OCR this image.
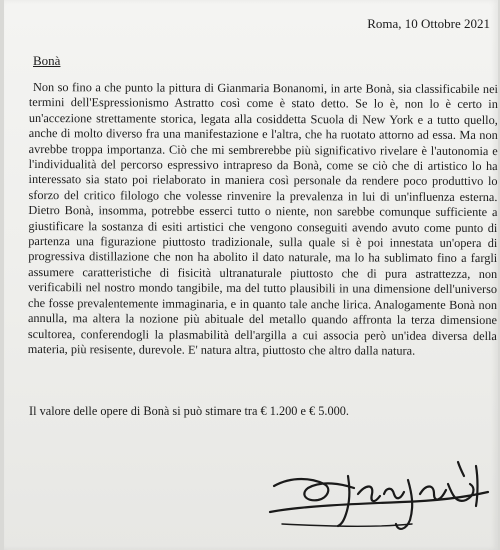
Roma, 10 Ottobre 2021
Bonà
Non so fino a che punto la pittura di Gianmaria Bonanomi, in arte Bonà, sia classificabile nei termini dell'Espressionismo Astratto così come è stato detto. Se lo è, non lo è certo in un'accezione strettamente storica, legata alla cosiddetta Scuola di New York e a tutto quello, anche di molto diverso fra una manifestazione e l'altra, che ha ruotato attorno ad essa. Ma non avrebbe troppa importanza. Ciò che mi sembrerebbe più significativo rivelare è l'autonomia e l'individualità del percorso espressivo intrapreso da Bonà, come se ciò che di artistico lo ha interessato sia stato poi rielaborato in maniera così personale da rendere poco produttivo lo sforzo del critico filologo che volesse rinvenire la prevalenza in lui di un'influenza esterna. Dietro Bonà, insomma, potrebbe esserci tutto o niente, non sarebbe comunque sufficiente a giustificare la sostanza di esiti artistici che vengono conseguiti avendo avuto come punto di partenza una figurazione piuttosto tradizionale, sulla quale si è poi innestata un'opera di progressiva distillazione che non ha abolito il dato naturale, ma lo ha sublimato fino a fargli assumere caratteristiche di fisicità ultranaturale piuttosto che di pura astrattezza, non verificabili nel nostro mondo tangibile, ma del tutto plausibili in una dimensione dell'universo che fosse prevalentemente immaginaria, e in quanto tale anche lirica. Analogamente Bonà non annulla, ma altera la nozione più abituale del metallo quando affronta la terza dimensione scultorea, conferendogli la plasmabilità dell'argilla a cui associa però un'idea diversa della materia, più resisente, durevole. E' natura altra, piuttosto che altro dalla natura.
Il valore delle opere di Bonà si può stimare tra € 1.200 e € 5.000.
